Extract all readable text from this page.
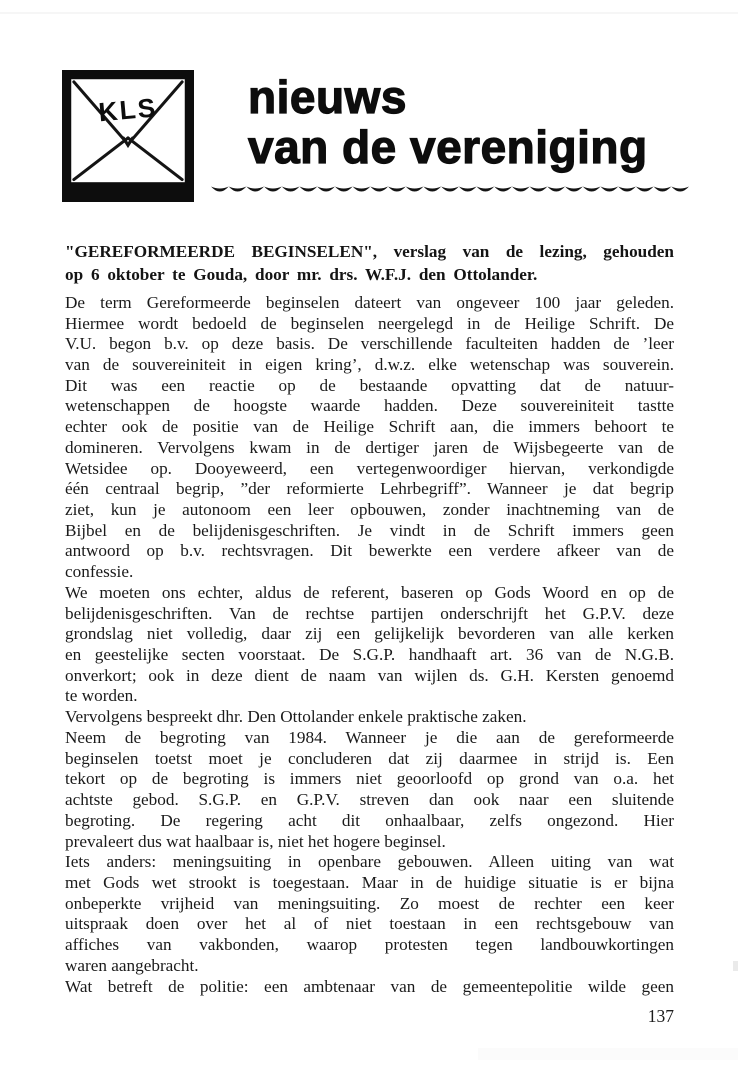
KLS nieuws
van de vereniging
"GEREFORMEERDE BEGINSELEN", verslag van de lezing, gehouden
op 6 oktober te Gouda, door mr. drs. W.F.J. den Ottolander.
De term Gereformeerde beginselen dateert van ongeveer 100 jaar geleden.
Hiermee wordt bedoeld de beginselen neergelegd in de Heilige Schrift. De
V.U. begon b.v. op deze basis. De verschillende faculteiten hadden de ’leer
van de souvereiniteit in eigen kring’, d.w.z. elke wetenschap was souverein.
Dit was een reactie op de bestaande opvatting dat de natuur-
wetenschappen de hoogste waarde hadden. Deze souvereiniteit tastte
echter ook de positie van de Heilige Schrift aan, die immers behoort te
domineren. Vervolgens kwam in de dertiger jaren de Wijsbegeerte van de
Wetsidee op. Dooyeweerd, een vertegenwoordiger hiervan, verkondigde
één centraal begrip, ”der reformierte Lehrbegriff”. Wanneer je dat begrip
ziet, kun je autonoom een leer opbouwen, zonder inachtneming van de
Bijbel en de belijdenisgeschriften. Je vindt in de Schrift immers geen
antwoord op b.v. rechtsvragen. Dit bewerkte een verdere afkeer van de
confessie.
We moeten ons echter, aldus de referent, baseren op Gods Woord en op de
belijdenisgeschriften. Van de rechtse partijen onderschrijft het G.P.V. deze
grondslag niet volledig, daar zij een gelijkelijk bevorderen van alle kerken
en geestelijke secten voorstaat. De S.G.P. handhaaft art. 36 van de N.G.B.
onverkort; ook in deze dient de naam van wijlen ds. G.H. Kersten genoemd
te worden.
Vervolgens bespreekt dhr. Den Ottolander enkele praktische zaken.
Neem de begroting van 1984. Wanneer je die aan de gereformeerde
beginselen toetst moet je concluderen dat zij daarmee in strijd is. Een
tekort op de begroting is immers niet geoorloofd op grond van o.a. het
achtste gebod. S.G.P. en G.P.V. streven dan ook naar een sluitende
begroting. De regering acht dit onhaalbaar, zelfs ongezond. Hier
prevaleert dus wat haalbaar is, niet het hogere beginsel.
Iets anders: meningsuiting in openbare gebouwen. Alleen uiting van wat
met Gods wet strookt is toegestaan. Maar in de huidige situatie is er bijna
onbeperkte vrijheid van meningsuiting. Zo moest de rechter een keer
uitspraak doen over het al of niet toestaan in een rechtsgebouw van
affiches van vakbonden, waarop protesten tegen landbouwkortingen
waren aangebracht.
Wat betreft de politie: een ambtenaar van de gemeentepolitie wilde geen
137
